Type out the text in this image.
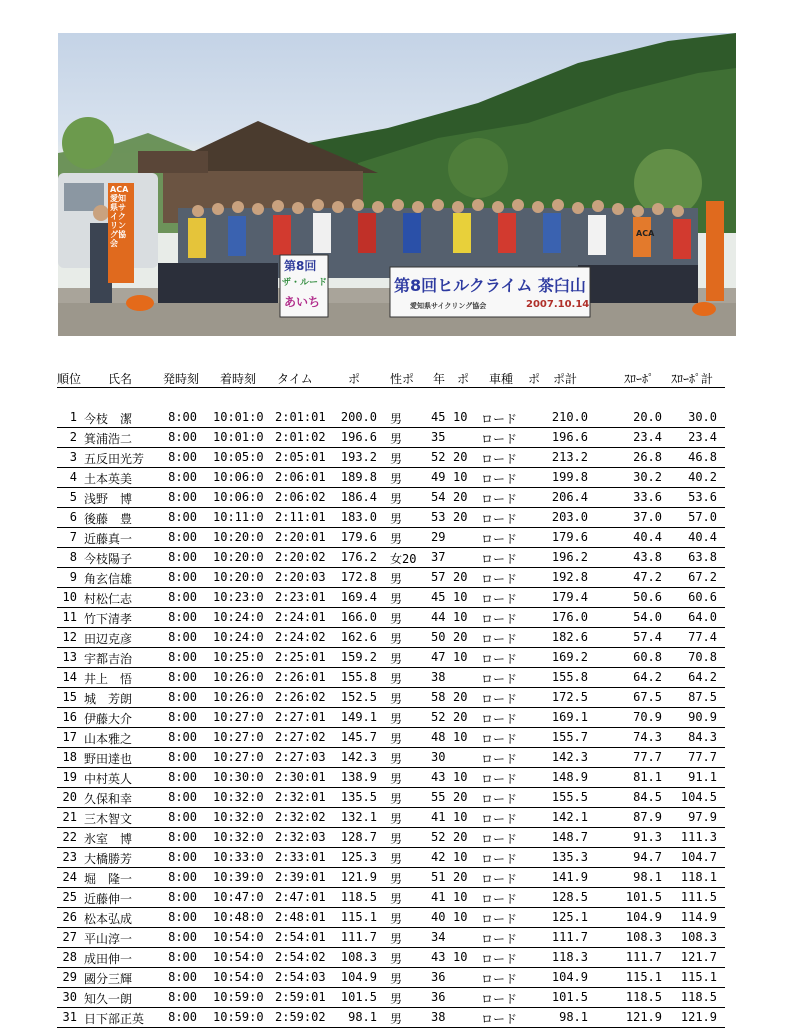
ACA 愛知県サイクリング協会
第8回
ザ・ルード
あいち
第8回ヒルクライム 茶臼山
愛知県サイクリング協会	2007.10.14
ACA
順位 氏名	発時刻 着時刻 タイム	ポ 性ポ 年 ポ 車種 ポ ポ計	ｽﾛｰﾎﾟ ｽﾛｰﾎﾟ計
1 今枝　潔	8:00 10:01:0 2:01:01 200.0 男 45 10 ロード	210.0	20.0 30.0
2 箕浦浩二	8:00 10:01:0 2:01:02 196.6 男 35	ロード	196.6	23.4 23.4
3 五反田光芳 8:00 10:05:0 2:05:01 193.2 男 52 20 ロード	213.2	26.8 46.8
4 土本英美	8:00 10:06:0 2:06:01 189.8 男 49 10 ロード	199.8	30.2 40.2
5 浅野　博	8:00 10:06:0 2:06:02 186.4 男 54 20 ロード	206.4	33.6 53.6
6 後藤　豊	8:00 10:11:0 2:11:01 183.0 男 53 20 ロード	203.0	37.0 57.0
7 近藤真一	8:00 10:20:0 2:20:01 179.6 男 29	ロード	179.6	40.4 40.4
8 今枝陽子	8:00 10:20:0 2:20:02 176.2 女20 37	ロード	196.2	43.8 63.8
9 角玄信雄	8:00 10:20:0 2:20:03 172.8 男 57 20 ロード	192.8	47.2 67.2
10 村松仁志	8:00 10:23:0 2:23:01 169.4 男 45 10 ロード	179.4	50.6 60.6
11 竹下清孝	8:00 10:24:0 2:24:01 166.0 男 44 10 ロード	176.0	54.0 64.0
12 田辺克彦	8:00 10:24:0 2:24:02 162.6 男 50 20 ロード	182.6	57.4 77.4
13 宇都吉治	8:00 10:25:0 2:25:01 159.2 男 47 10 ロード	169.2	60.8 70.8
14 井上　悟	8:00 10:26:0 2:26:01 155.8 男 38	ロード	155.8	64.2 64.2
15 城　芳朗	8:00 10:26:0 2:26:02 152.5 男 58 20 ロード	172.5	67.5 87.5
16 伊藤大介	8:00 10:27:0 2:27:01 149.1 男 52 20 ロード	169.1	70.9 90.9
17 山本雅之	8:00 10:27:0 2:27:02 145.7 男 48 10 ロード	155.7	74.3 84.3
18 野田達也	8:00 10:27:0 2:27:03 142.3 男 30	ロード	142.3	77.7 77.7
19 中村英人	8:00 10:30:0 2:30:01 138.9 男 43 10 ロード	148.9	81.1 91.1
20 久保和幸	8:00 10:32:0 2:32:01 135.5 男 55 20 ロード	155.5	84.5 104.5
21 三木智文	8:00 10:32:0 2:32:02 132.1 男 41 10 ロード	142.1	87.9 97.9
22 氷室　博	8:00 10:32:0 2:32:03 128.7 男 52 20 ロード	148.7	91.3 111.3
23 大橋勝芳	8:00 10:33:0 2:33:01 125.3 男 42 10 ロード	135.3	94.7 104.7
24 堀　隆一	8:00 10:39:0 2:39:01 121.9 男 51 20 ロード	141.9	98.1 118.1
25 近藤伸一	8:00 10:47:0 2:47:01 118.5 男 41 10 ロード	128.5	101.5 111.5
26 松本弘成	8:00 10:48:0 2:48:01 115.1 男 40 10 ロード	125.1	104.9 114.9
27 平山淳一	8:00 10:54:0 2:54:01 111.7 男 34	ロード	111.7	108.3 108.3
28 成田伸一	8:00 10:54:0 2:54:02 108.3 男 43 10 ロード	118.3	111.7 121.7
29 國分三輝	8:00 10:54:0 2:54:03 104.9 男 36	ロード	104.9	115.1 115.1
30 知久一朗	8:00 10:59:0 2:59:01 101.5 男 36	ロード	101.5	118.5 118.5
31 日下部正英 8:00 10:59:0 2:59:02 98.1 男 38	ロード	98.1	121.9 121.9
